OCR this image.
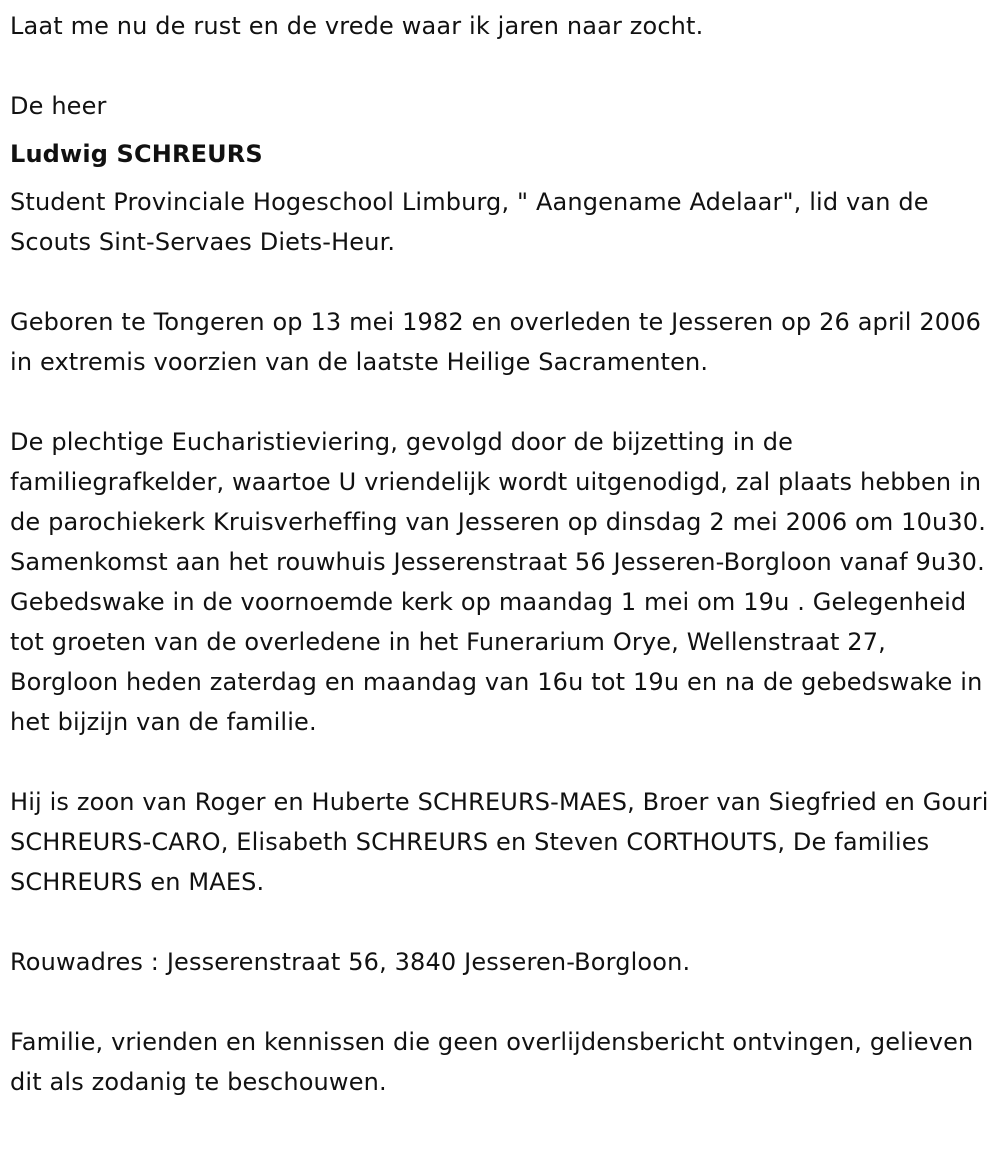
Laat me nu de rust en de vrede waar ik jaren naar zocht.

De heer

Ludwig SCHREURS

Student Provinciale Hogeschool Limburg, " Aangename Adelaar", lid van de Scouts Sint-Servaes Diets-Heur.

Geboren te Tongeren op 13 mei 1982 en overleden te Jesseren op 26 april 2006 in extremis voorzien van de laatste Heilige Sacramenten.

De plechtige Eucharistieviering, gevolgd door de bijzetting in de familiegrafkelder, waartoe U vriendelijk wordt uitgenodigd, zal plaats hebben in de parochiekerk Kruisverheffing van Jesseren op dinsdag 2 mei 2006 om 10u30. Samenkomst aan het rouwhuis Jesserenstraat 56 Jesseren-Borgloon vanaf 9u30. Gebedswake in de voornoemde kerk op maandag 1 mei om 19u . Gelegenheid tot groeten van de overledene in het Funerarium Orye, Wellenstraat 27, Borgloon heden zaterdag en maandag van 16u tot 19u en na de gebedswake in het bijzijn van de familie.

Hij is zoon van Roger en Huberte SCHREURS-MAES, Broer van Siegfried en Gouri SCHREURS-CARO, Elisabeth SCHREURS en Steven CORTHOUTS, De families SCHREURS en MAES.

Rouwadres : Jesserenstraat 56, 3840 Jesseren-Borgloon.

Familie, vrienden en kennissen die geen overlijdensbericht ontvingen, gelieven dit als zodanig te beschouwen.
